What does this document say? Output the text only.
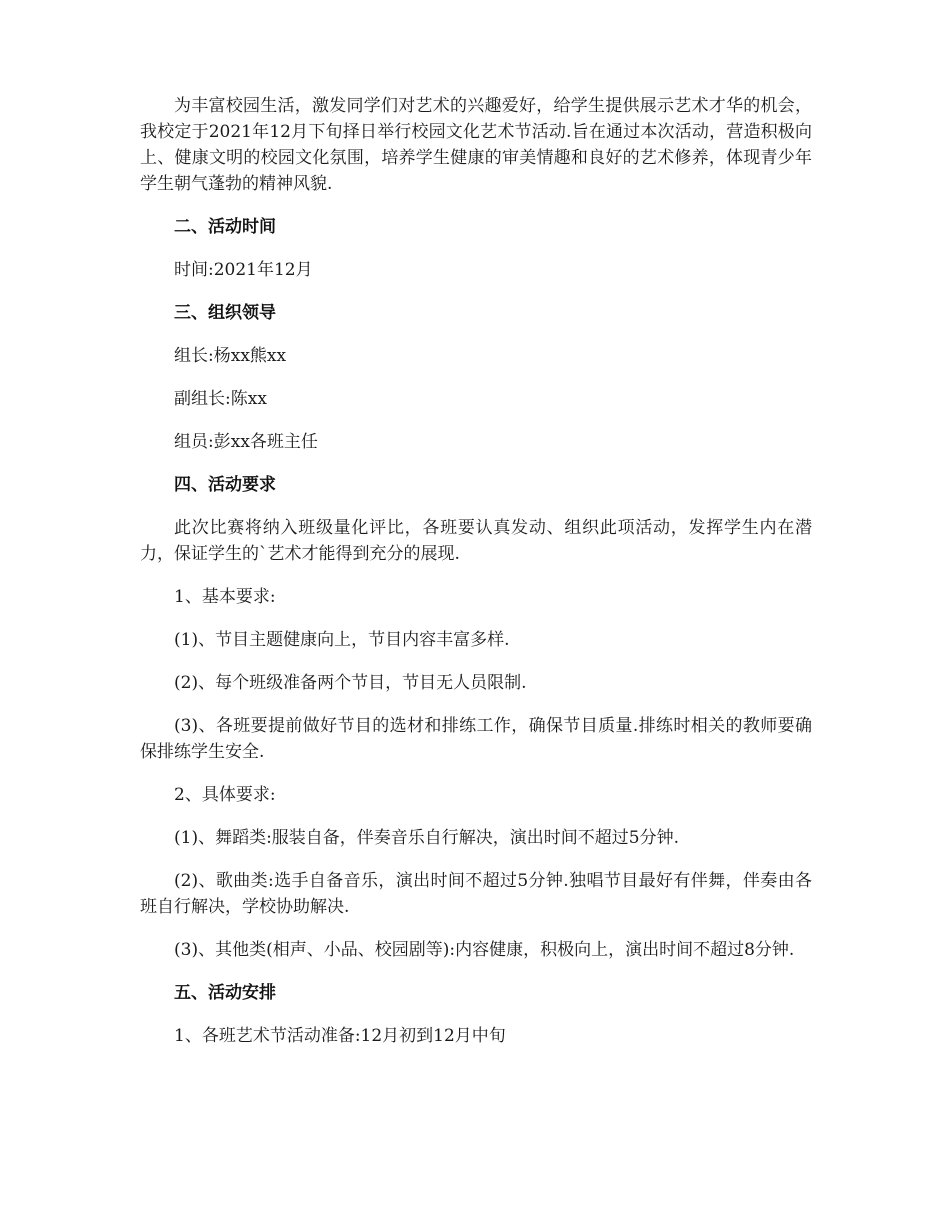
为丰富校园生活，激发同学们对艺术的兴趣爱好，给学生提供展示艺术才华的机会，我校定于2021年12月下旬择日举行校园文化艺术节活动.旨在通过本次活动，营造积极向上、健康文明的校园文化氛围，培养学生健康的审美情趣和良好的艺术修养，体现青少年学生朝气蓬勃的精神风貌.

二、活动时间

时间:2021年12月

三、组织领导

组长:杨xx熊xx

副组长:陈xx

组员:彭xx各班主任

四、活动要求

此次比赛将纳入班级量化评比，各班要认真发动、组织此项活动，发挥学生内在潜力，保证学生的`艺术才能得到充分的展现.

1、基本要求:

(1)、节目主题健康向上，节目内容丰富多样.

(2)、每个班级准备两个节目，节目无人员限制.

(3)、各班要提前做好节目的选材和排练工作，确保节目质量.排练时相关的教师要确保排练学生安全.

2、具体要求:

(1)、舞蹈类:服装自备，伴奏音乐自行解决，演出时间不超过5分钟.

(2)、歌曲类:选手自备音乐，演出时间不超过5分钟.独唱节目最好有伴舞，伴奏由各班自行解决，学校协助解决.

(3)、其他类(相声、小品、校园剧等):内容健康，积极向上，演出时间不超过8分钟.

五、活动安排

1、各班艺术节活动准备:12月初到12月中旬
